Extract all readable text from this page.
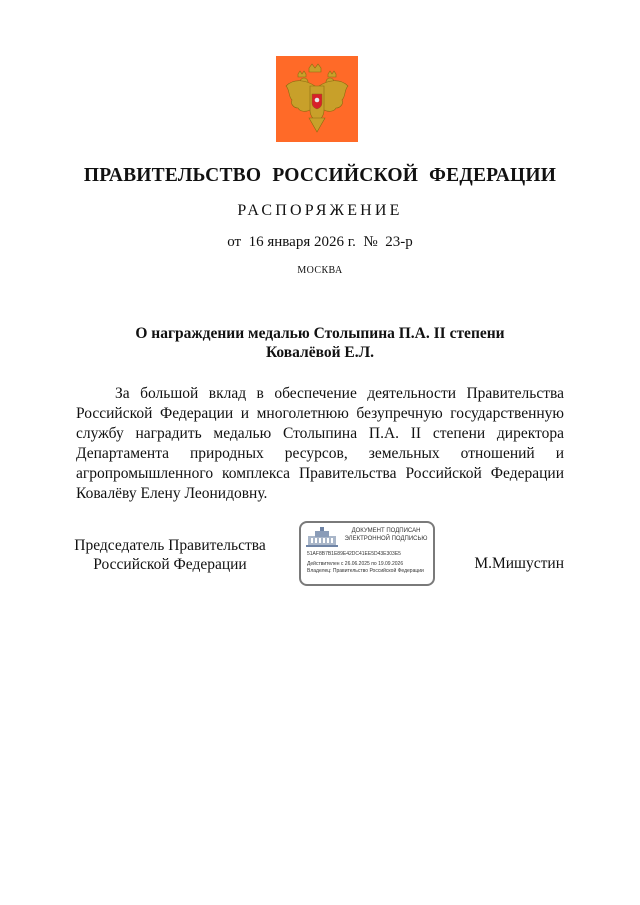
ПРАВИТЕЛЬСТВО РОССИЙСКОЙ ФЕДЕРАЦИИ
РАСПОРЯЖЕНИЕ
от  16 января 2026 г.  №  23-р
МОСКВА
О награждении медалью Столыпина П.А. II степени
Ковалёвой Е.Л.
За большой вклад в обеспечение деятельности Правительства Российской Федерации и многолетнюю безупречную государственную службу наградить медалью Столыпина П.А. II степени директора Департамента природных ресурсов, земельных отношений и агропромышленного комплекса Правительства Российской Федерации Ковалёву Елену Леонидовну.
Председатель Правительства
Российской Федерации
ДОКУМЕНТ ПОДПИСАН
ЭЛЕКТРОННОЙ ПОДПИСЬЮ
51AF8B7B1E89E42DC41EE5D43E303E5
Действителен с 26.06.2025 по 19.09.2026
Владелец: Правительство Российской Федерации	М.Мишустин
